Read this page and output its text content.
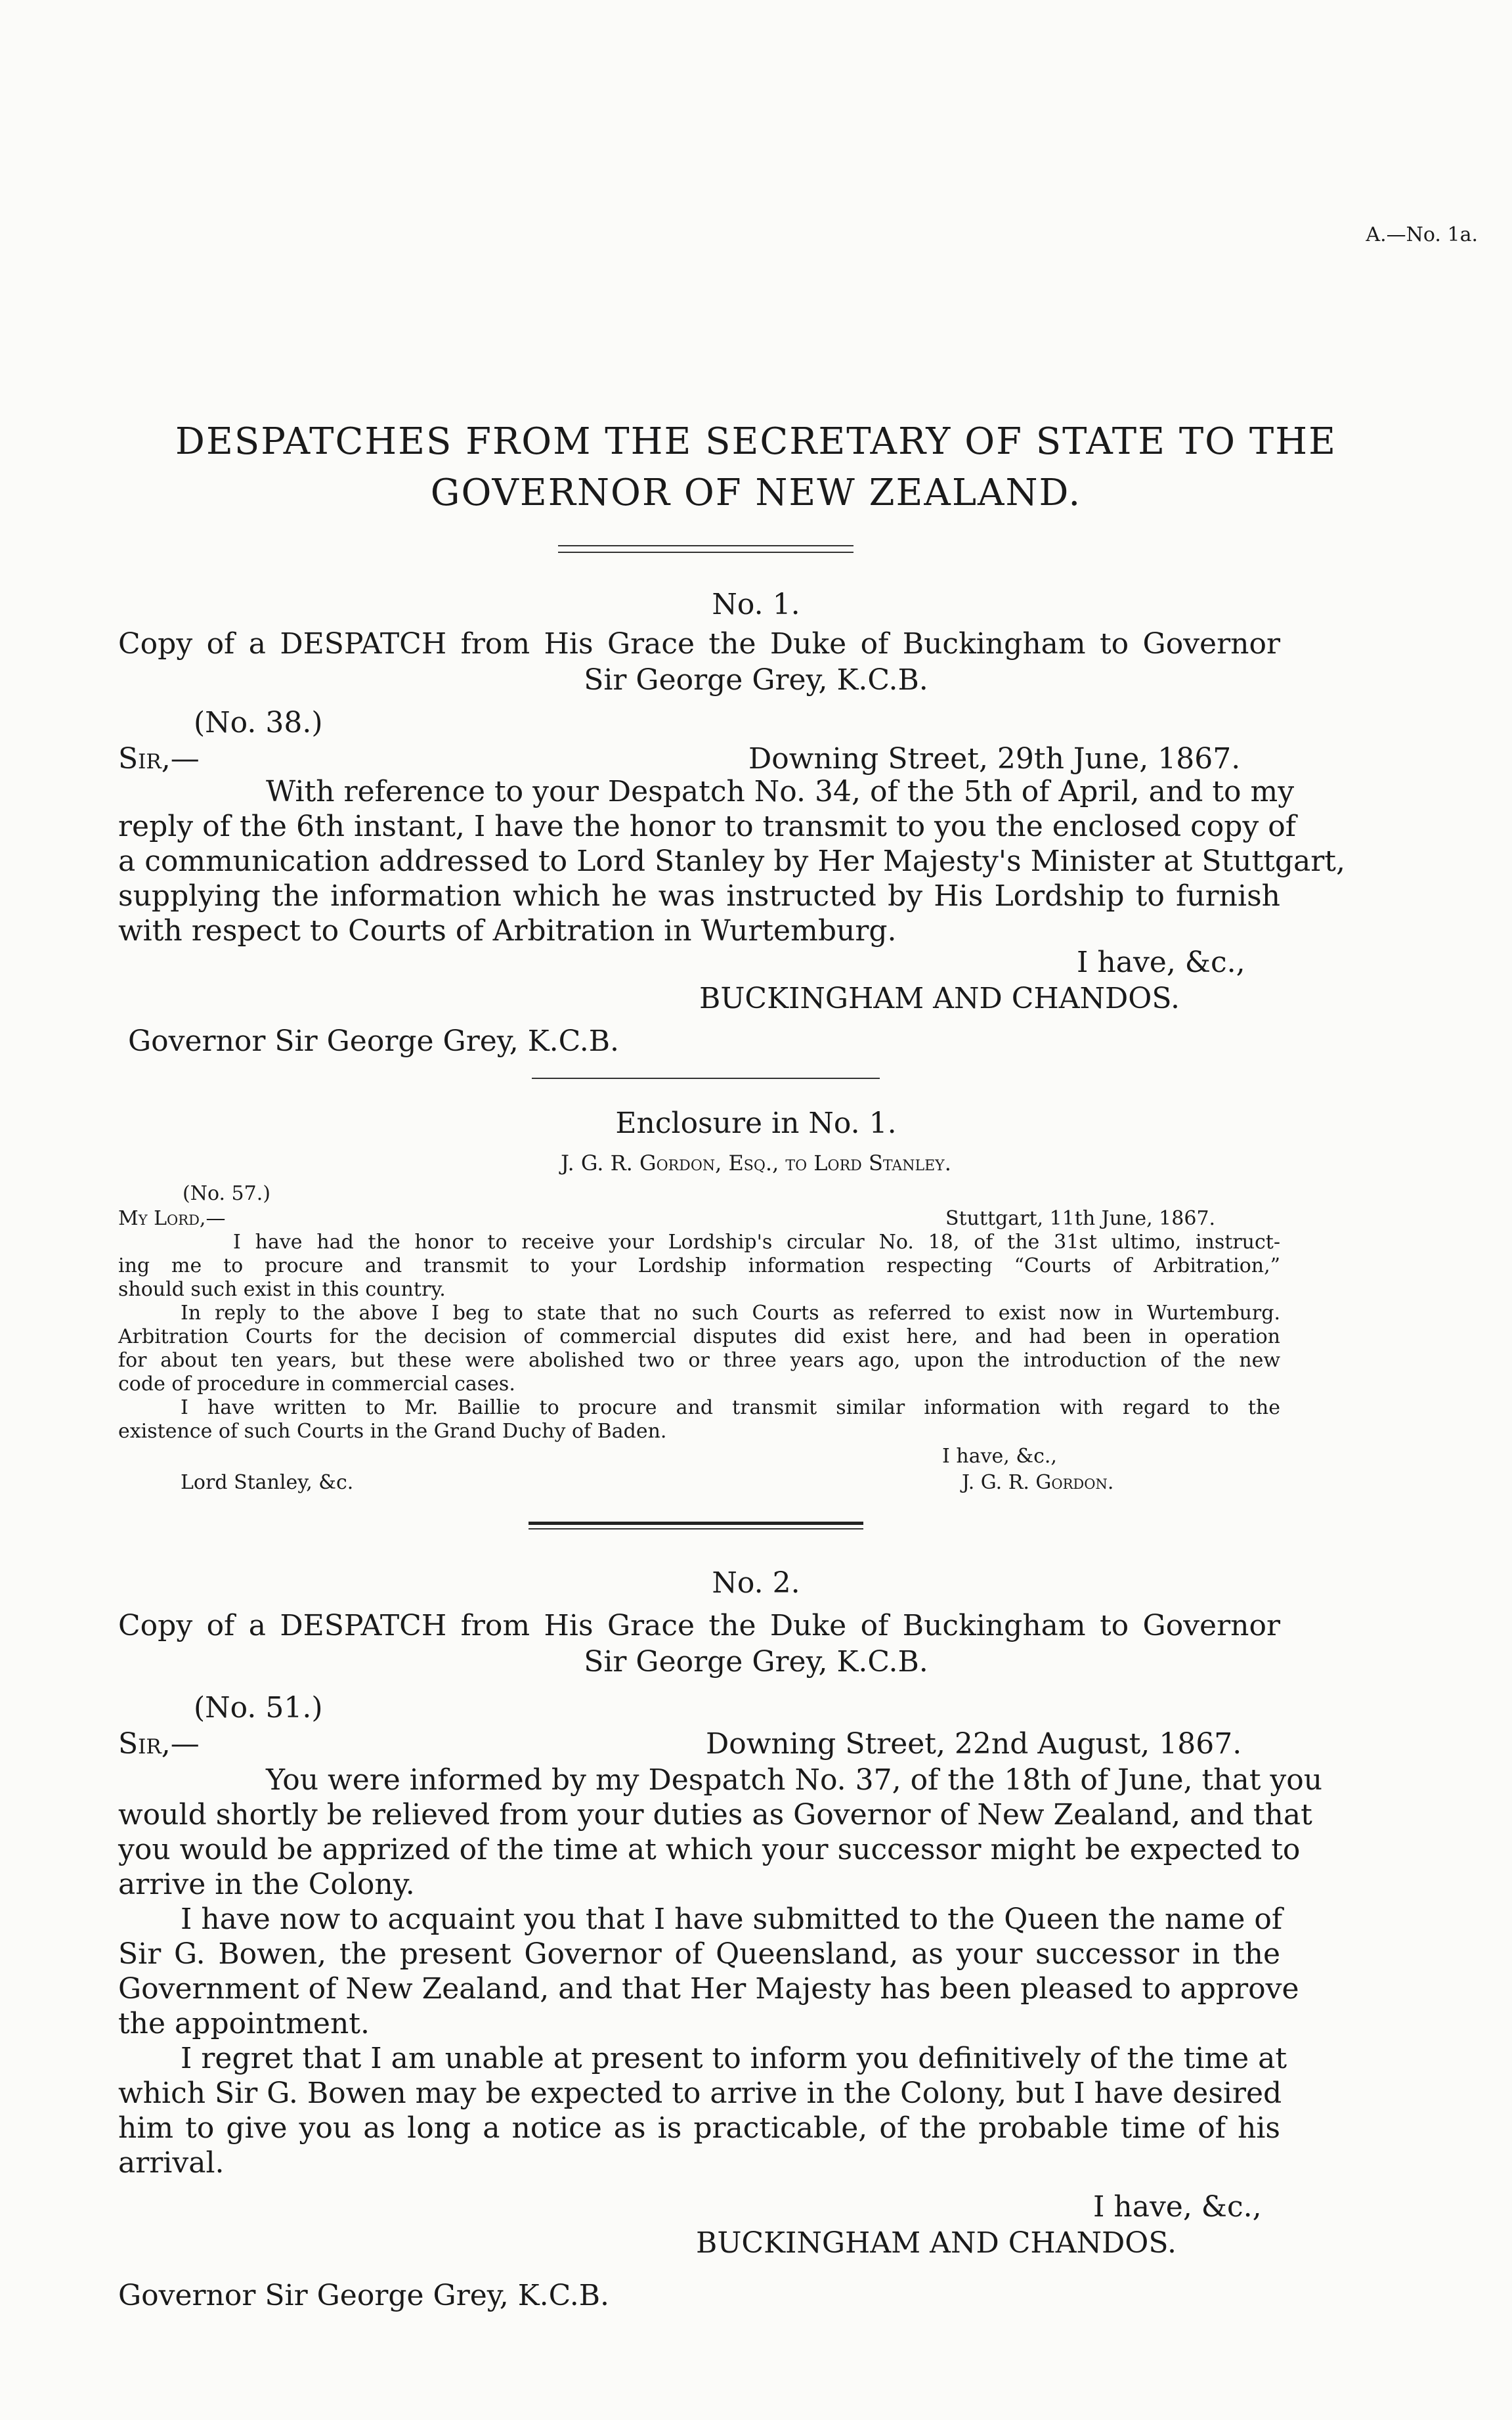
A.—No. 1a.
DESPATCHES FROM THE SECRETARY OF STATE TO THE
GOVERNOR OF NEW ZEALAND.
No. 1.
Copy of a DESPATCH from His Grace the Duke of Buckingham to Governor
Sir George Grey, K.C.B.
(No. 38.)
Sir,—	Downing Street, 29th June, 1867.
With reference to your Despatch No. 34, of the 5th of April, and to my
reply of the 6th instant, I have the honor to transmit to you the enclosed copy of
a communication addressed to Lord Stanley by Her Majesty's Minister at Stuttgart,
supplying the information which he was instructed by His Lordship to furnish
with respect to Courts of Arbitration in Wurtemburg.
I have, &c.,
BUCKINGHAM AND CHANDOS.
Governor Sir George Grey, K.C.B.
Enclosure in No. 1.
J. G. R. Gordon, Esq., to Lord Stanley.
(No. 57.)
My Lord,—	Stuttgart, 11th June, 1867.
I have had the honor to receive your Lordship's circular No. 18, of the 31st ultimo, instruct-
ing me to procure and transmit to your Lordship information respecting “Courts of Arbitration,”
should such exist in this country.
In reply to the above I beg to state that no such Courts as referred to exist now in Wurtemburg.
Arbitration Courts for the decision of commercial disputes did exist here, and had been in operation
for about ten years, but these were abolished two or three years ago, upon the introduction of the new
code of procedure in commercial cases.
I have written to Mr. Baillie to procure and transmit similar information with regard to the
existence of such Courts in the Grand Duchy of Baden.
I have, &c.,
Lord Stanley, &c.	J. G. R. Gordon.
No. 2.
Copy of a DESPATCH from His Grace the Duke of Buckingham to Governor
Sir George Grey, K.C.B.
(No. 51.)
Sir,—	Downing Street, 22nd August, 1867.
You were informed by my Despatch No. 37, of the 18th of June, that you
would shortly be relieved from your duties as Governor of New Zealand, and that
you would be apprized of the time at which your successor might be expected to
arrive in the Colony.
I have now to acquaint you that I have submitted to the Queen the name of
Sir G. Bowen, the present Governor of Queensland, as your successor in the
Government of New Zealand, and that Her Majesty has been pleased to approve
the appointment.
I regret that I am unable at present to inform you definitively of the time at
which Sir G. Bowen may be expected to arrive in the Colony, but I have desired
him to give you as long a notice as is practicable, of the probable time of his
arrival.
I have, &c.,
BUCKINGHAM AND CHANDOS.
Governor Sir George Grey, K.C.B.
